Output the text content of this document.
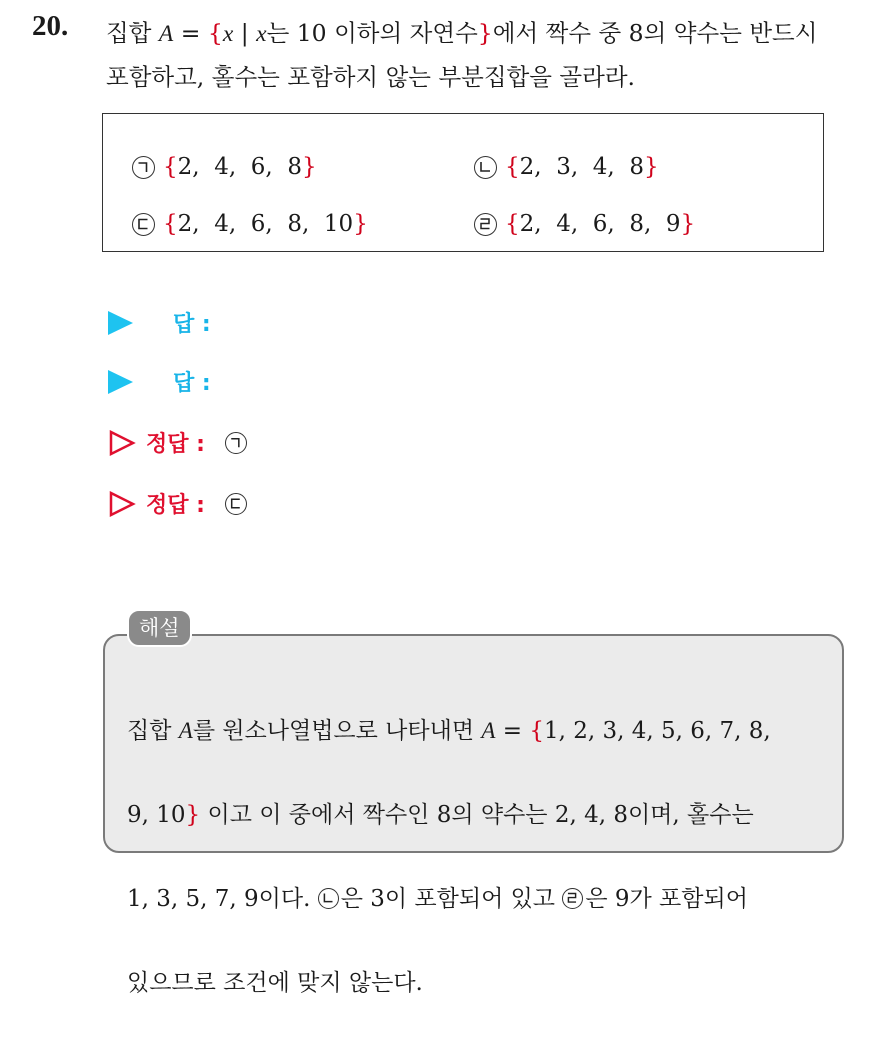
20. 집합 A = {x | x는 10 이하의 자연수}에서 짝수 중 8의 약수는 반드시
포함하고, 홀수는 포함하지 않는 부분집합을 골라라.
{ 2,  4,  6,  8 }	{ 2,  3,  4,  8 }
{ 2,  4,  6,  8,  10 }	{ 2,  4,  6,  8,  9 }
답 :
답 :
정답 :
정답 :
해설

집합 A를 원소나열법으로 나타내면 A = {1, 2, 3, 4, 5, 6, 7, 8,

9, 10} 이고 이 중에서 짝수인 8의 약수는 2, 4, 8이며, 홀수는

1, 3, 5, 7, 9이다.
은 3이 포함되어 있고
은 9가 포함되어

있으므로 조건에 맞지 않는다.
